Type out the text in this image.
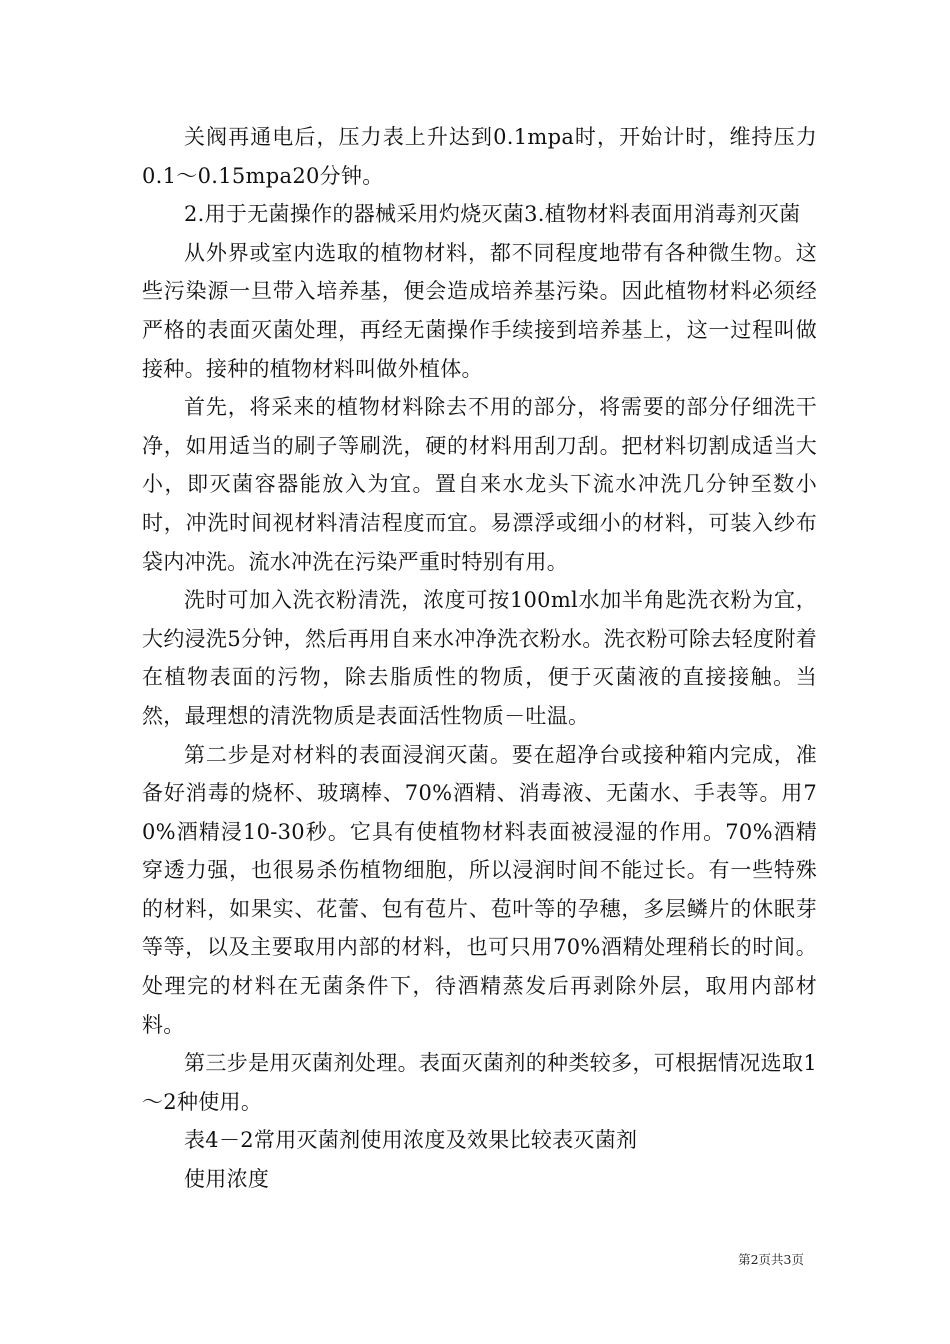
关阀再通电后，压力表上升达到0.1mpa时，开始计时，维持压力0.1～0.15mpa20分钟。

2.用于无菌操作的器械采用灼烧灭菌3.植物材料表面用消毒剂灭菌

从外界或室内选取的植物材料，都不同程度地带有各种微生物。这些污染源一旦带入培养基，便会造成培养基污染。因此植物材料必须经严格的表面灭菌处理，再经无菌操作手续接到培养基上，这一过程叫做接种。接种的植物材料叫做外植体。

首先，将采来的植物材料除去不用的部分，将需要的部分仔细洗干净，如用适当的刷子等刷洗，硬的材料用刮刀刮。把材料切割成适当大小，即灭菌容器能放入为宜。置自来水龙头下流水冲洗几分钟至数小时，冲洗时间视材料清洁程度而宜。易漂浮或细小的材料，可装入纱布袋内冲洗。流水冲洗在污染严重时特别有用。

洗时可加入洗衣粉清洗，浓度可按100ml水加半角匙洗衣粉为宜，大约浸洗5分钟，然后再用自来水冲净洗衣粉水。洗衣粉可除去轻度附着在植物表面的污物，除去脂质性的物质，便于灭菌液的直接接触。当然，最理想的清洗物质是表面活性物质－吐温。

第二步是对材料的表面浸润灭菌。要在超净台或接种箱内完成，准备好消毒的烧杯、玻璃棒、70%酒精、消毒液、无菌水、手表等。用70%酒精浸10-30秒。它具有使植物材料表面被浸湿的作用。70%酒精穿透力强，也很易杀伤植物细胞，所以浸润时间不能过长。有一些特殊的材料，如果实、花蕾、包有苞片、苞叶等的孕穗，多层鳞片的休眠芽等等，以及主要取用内部的材料，也可只用70%酒精处理稍长的时间。处理完的材料在无菌条件下，待酒精蒸发后再剥除外层，取用内部材料。

第三步是用灭菌剂处理。表面灭菌剂的种类较多，可根据情况选取1～2种使用。

表4－2常用灭菌剂使用浓度及效果比较表灭菌剂

使用浓度

第2页共3页
